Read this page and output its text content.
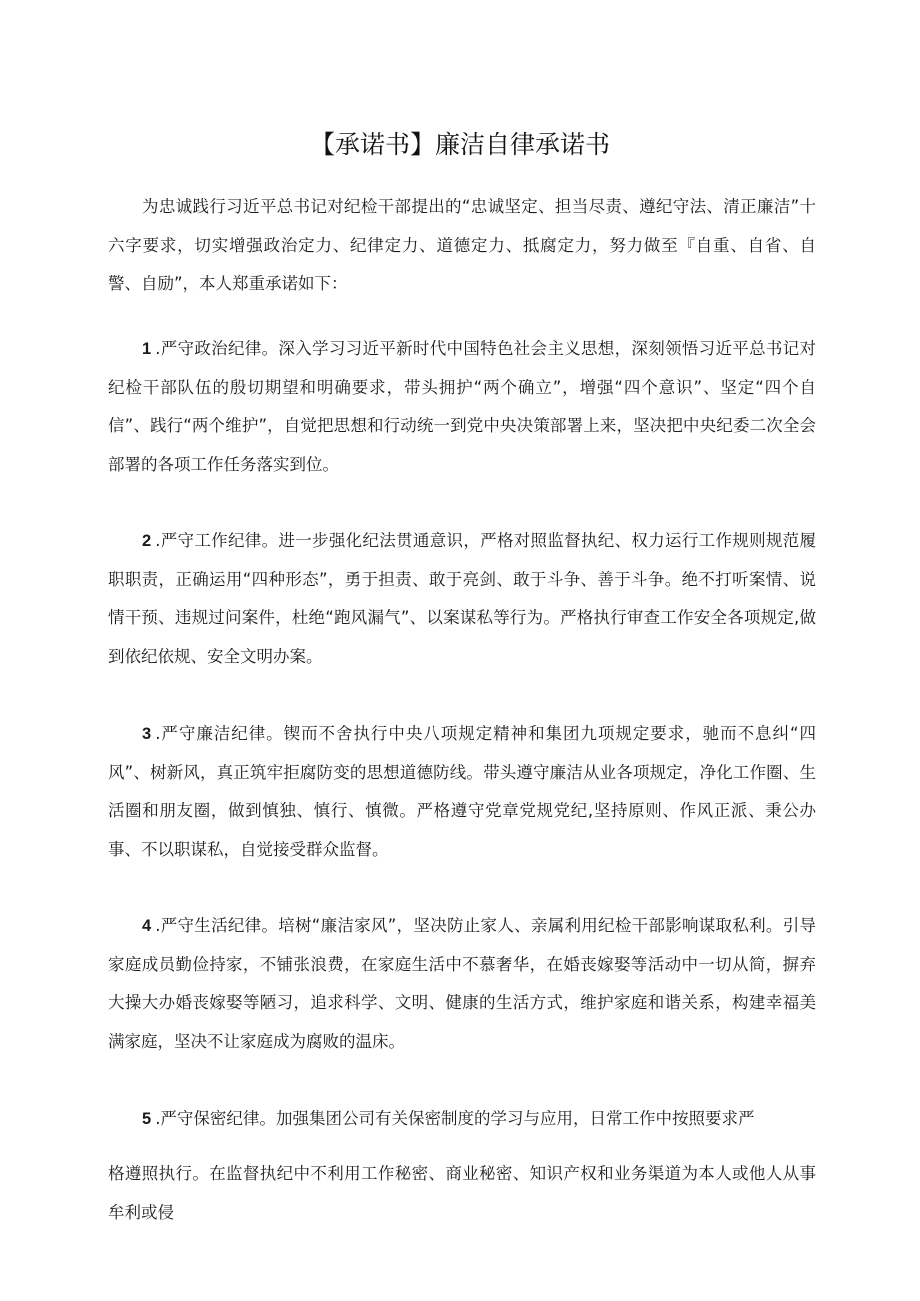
【承诺书】廉洁自律承诺书

为忠诚践行习近平总书记对纪检干部提出的“忠诚坚定、担当尽责、遵纪守法、清正廉洁”十六字要求，切实增强政治定力、纪律定力、道德定力、抵腐定力，努力做至『自重、自省、自警、自励”，本人郑重承诺如下：

1 .严守政治纪律。深入学习习近平新时代中国特色社会主义思想，深刻领悟习近平总书记对纪检干部队伍的殷切期望和明确要求，带头拥护“两个确立”，增强“四个意识”、坚定“四个自信”、践行“两个维护”，自觉把思想和行动统一到党中央决策部署上来，坚决把中央纪委二次全会部署的各项工作任务落实到位。

2 .严守工作纪律。进一步强化纪法贯通意识，严格对照监督执纪、权力运行工作规则规范履职职责，正确运用“四种形态”，勇于担责、敢于亮剑、敢于斗争、善于斗争。绝不打听案情、说情干预、违规过问案件，杜绝“跑风漏气”、以案谋私等行为。严格执行审查工作安全各项规定,做到依纪依规、安全文明办案。

3 .严守廉洁纪律。锲而不舍执行中央八项规定精神和集团九项规定要求，驰而不息纠“四风”、树新风，真正筑牢拒腐防变的思想道德防线。带头遵守廉洁从业各项规定，净化工作圈、生活圈和朋友圈，做到慎独、慎行、慎微。严格遵守党章党规党纪,坚持原则、作风正派、秉公办事、不以职谋私，自觉接受群众监督。

4 .严守生活纪律。培树“廉洁家风”，坚决防止家人、亲属利用纪检干部影响谋取私利。引导家庭成员勤俭持家，不铺张浪费，在家庭生活中不慕奢华，在婚丧嫁娶等活动中一切从简，摒弃大操大办婚丧嫁娶等陋习，追求科学、文明、健康的生活方式，维护家庭和谐关系，构建幸福美满家庭，坚决不让家庭成为腐败的温床。

5 .严守保密纪律。加强集团公司有关保密制度的学习与应用，日常工作中按照要求严

格遵照执行。在监督执纪中不利用工作秘密、商业秘密、知识产权和业务渠道为本人或他人从事牟利或侵
